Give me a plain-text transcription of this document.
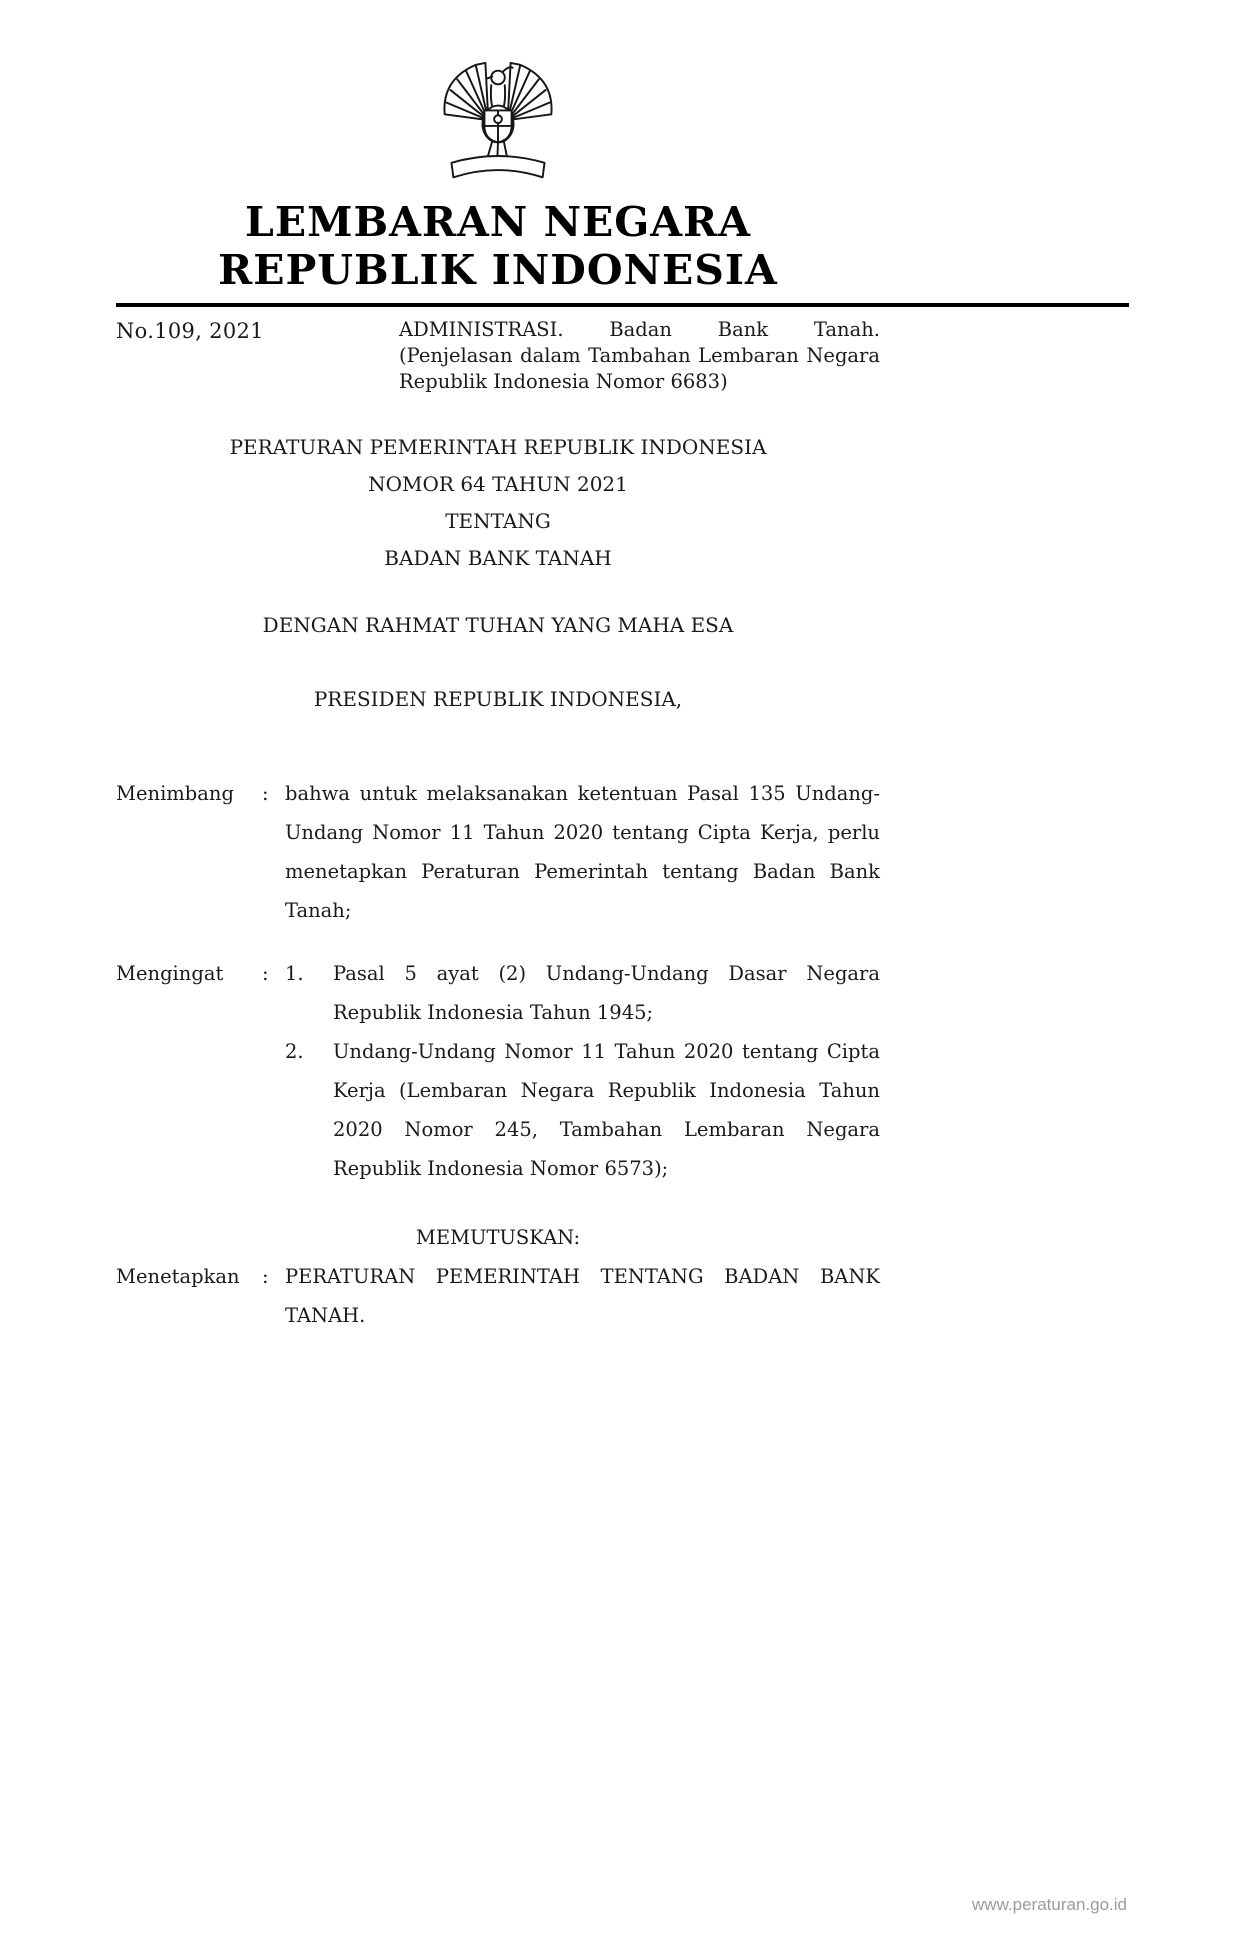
LEMBARAN NEGARA
REPUBLIK INDONESIA
No.109, 2021	ADMINISTRASI. Badan Bank Tanah.
(Penjelasan dalam Tambahan Lembaran Negara
Republik Indonesia Nomor 6683)
PERATURAN PEMERINTAH REPUBLIK INDONESIA
NOMOR 64 TAHUN 2021
TENTANG
BADAN BANK TANAH

DENGAN RAHMAT TUHAN YANG MAHA ESA

PRESIDEN REPUBLIK INDONESIA,

Menimbang	: bahwa untuk melaksanakan ketentuan Pasal 135 Undang-
Undang Nomor 11 Tahun 2020 tentang Cipta Kerja, perlu
menetapkan Peraturan Pemerintah tentang Badan Bank
Tanah;
Mengingat	: 1.	Pasal 5 ayat (2) Undang-Undang Dasar Negara
Republik Indonesia Tahun 1945;
2.	Undang-Undang Nomor 11 Tahun 2020 tentang Cipta
Kerja (Lembaran Negara Republik Indonesia Tahun
2020 Nomor 245, Tambahan Lembaran Negara
Republik Indonesia Nomor 6573);

MEMUTUSKAN:

Menetapkan	: PERATURAN PEMERINTAH TENTANG BADAN BANK
TANAH.
www.peraturan.go.id
